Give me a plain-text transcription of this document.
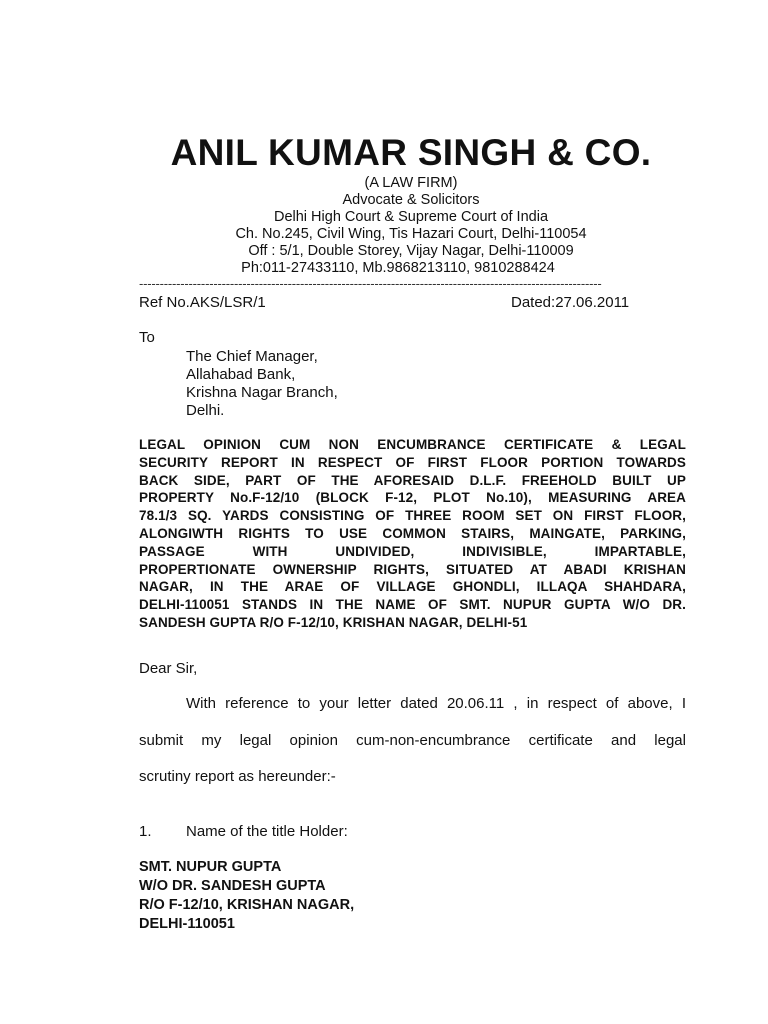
ANIL KUMAR SINGH & CO.
(A LAW FIRM)
Advocate & Solicitors
Delhi High Court & Supreme Court of India
Ch. No.245, Civil Wing, Tis Hazari Court, Delhi-110054
Off : 5/1, Double Storey, Vijay Nagar, Delhi-110009
Ph:011-27433110, Mb.9868213110, 9810288424
----------------------------------------------------------------------------------------------------------------
Ref No.AKS/LSR/1	Dated:27.06.2011
To
The Chief Manager,
Allahabad Bank,
Krishna Nagar Branch,
Delhi.
LEGAL OPINION CUM NON ENCUMBRANCE CERTIFICATE & LEGAL
SECURITY REPORT IN RESPECT OF FIRST FLOOR PORTION TOWARDS
BACK SIDE, PART OF THE AFORESAID D.L.F. FREEHOLD BUILT UP
PROPERTY No.F-12/10 (BLOCK F-12, PLOT No.10), MEASURING AREA
78.1/3 SQ. YARDS CONSISTING OF THREE ROOM SET ON FIRST FLOOR,
ALONGIWTH RIGHTS TO USE COMMON STAIRS, MAINGATE, PARKING,
PASSAGE WITH UNDIVIDED, INDIVISIBLE, IMPARTABLE,
PROPERTIONATE OWNERSHIP RIGHTS, SITUATED AT ABADI KRISHAN
NAGAR, IN THE ARAE OF VILLAGE GHONDLI, ILLAQA SHAHDARA,
DELHI-110051 STANDS IN THE NAME OF SMT. NUPUR GUPTA W/O DR.
SANDESH GUPTA R/O F-12/10, KRISHAN NAGAR, DELHI-51
Dear Sir,
With reference to your letter dated 20.06.11 , in respect of above, I
submit my legal opinion cum-non-encumbrance certificate and legal
scrutiny report as hereunder:-
1. Name of the title Holder:
SMT. NUPUR GUPTA
W/O DR. SANDESH GUPTA
R/O F-12/10, KRISHAN NAGAR,
DELHI-110051
